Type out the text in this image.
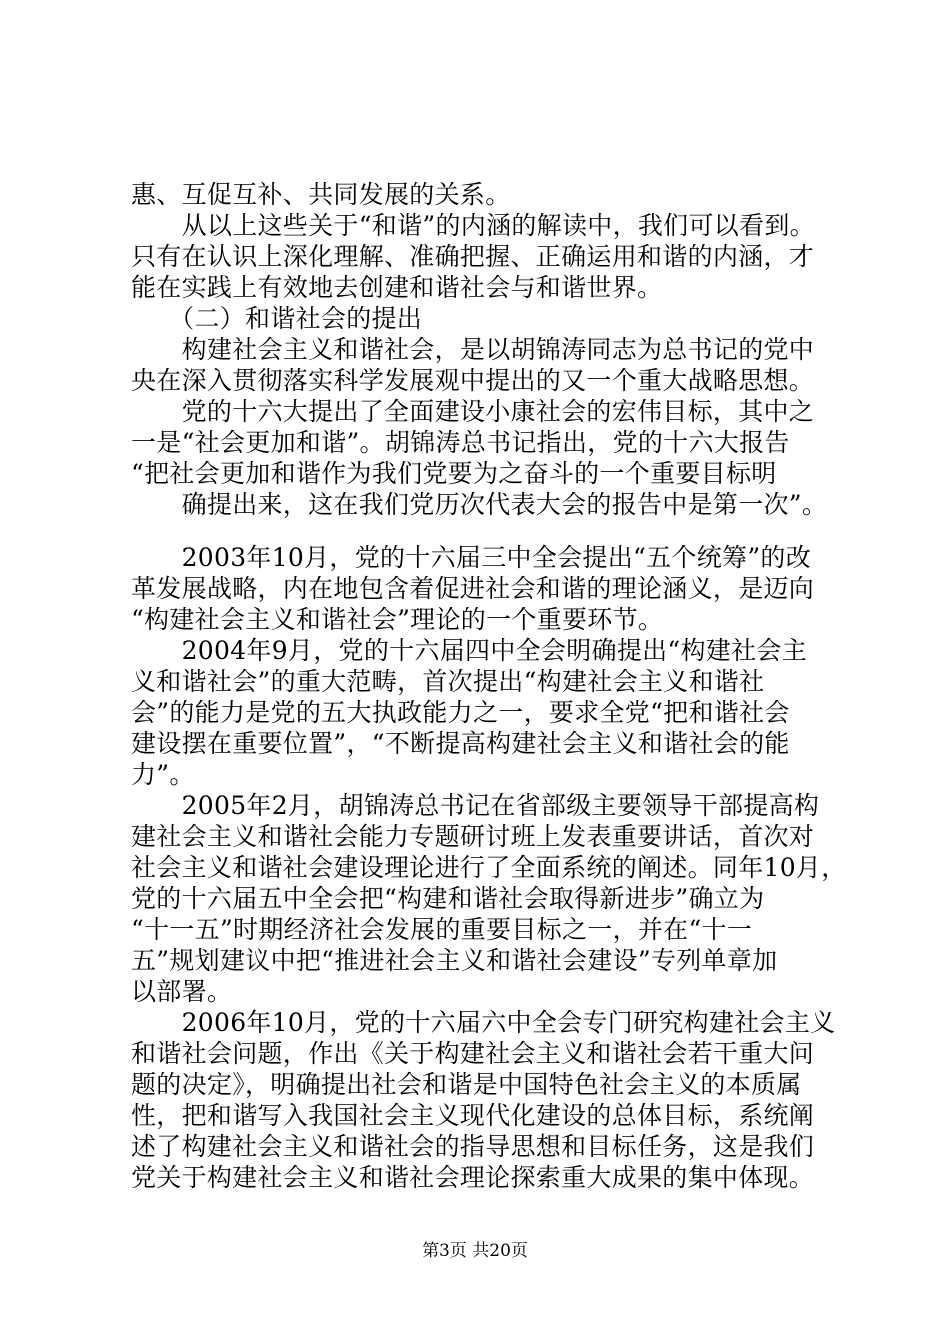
惠、互促互补、共同发展的关系。
　　从以上这些关于“和谐”的内涵的解读中，我们可以看到。
只有在认识上深化理解、准确把握、正确运用和谐的内涵，才
能在实践上有效地去创建和谐社会与和谐世界。
　　（二）和谐社会的提出
　　构建社会主义和谐社会，是以胡锦涛同志为总书记的党中
央在深入贯彻落实科学发展观中提出的又一个重大战略思想。
　　党的十六大提出了全面建设小康社会的宏伟目标，其中之
一是“社会更加和谐”。胡锦涛总书记指出，党的十六大报告
“把社会更加和谐作为我们党要为之奋斗的一个重要目标明
　　确提出来，这在我们党历次代表大会的报告中是第一次”。
　　2003年10月，党的十六届三中全会提出“五个统筹”的改
革发展战略，内在地包含着促进社会和谐的理论涵义，是迈向
“构建社会主义和谐社会”理论的一个重要环节。
　　2004年9月，党的十六届四中全会明确提出“构建社会主
义和谐社会”的重大范畴，首次提出“构建社会主义和谐社
会”的能力是党的五大执政能力之一，要求全党“把和谐社会
建设摆在重要位置”，“不断提高构建社会主义和谐社会的能
力”。
　　2005年2月，胡锦涛总书记在省部级主要领导干部提高构
建社会主义和谐社会能力专题研讨班上发表重要讲话，首次对
社会主义和谐社会建设理论进行了全面系统的阐述。同年10月，
党的十六届五中全会把“构建和谐社会取得新进步”确立为
“十一五”时期经济社会发展的重要目标之一，并在“十一
五”规划建议中把“推进社会主义和谐社会建设”专列单章加
以部署。
　　2006年10月，党的十六届六中全会专门研究构建社会主义
和谐社会问题，作出《关于构建社会主义和谐社会若干重大问
题的决定》，明确提出社会和谐是中国特色社会主义的本质属
性，把和谐写入我国社会主义现代化建设的总体目标，系统阐
述了构建社会主义和谐社会的指导思想和目标任务，这是我们
党关于构建社会主义和谐社会理论探索重大成果的集中体现。
第3页 共20页
